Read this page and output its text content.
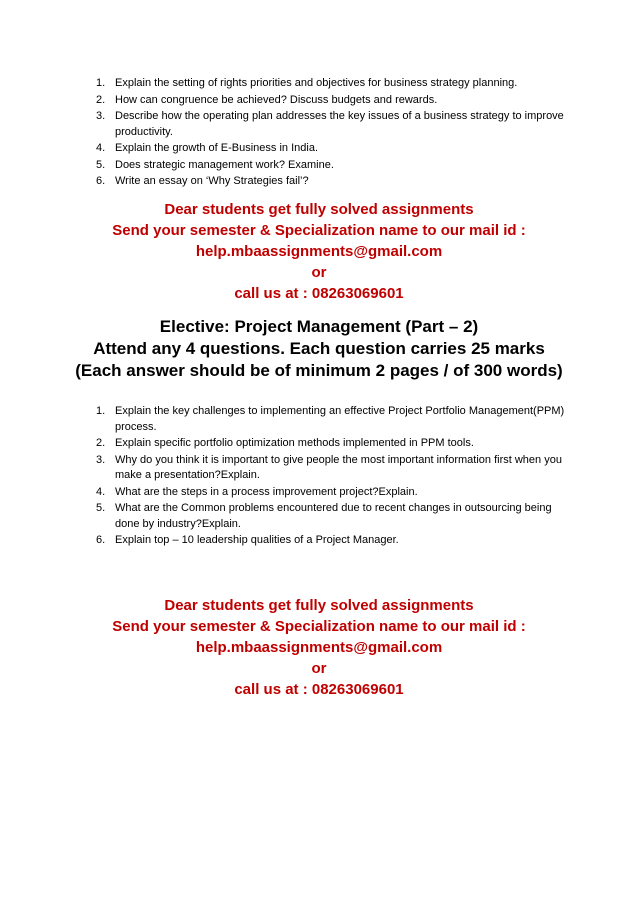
1. Explain the setting of rights priorities and objectives for business strategy planning.
2. How can congruence be achieved? Discuss budgets and rewards.
3. Describe how the operating plan addresses the key issues of a business strategy to improve productivity.
4. Explain the growth of E-Business in India.
5. Does strategic management work? Examine.
6. Write an essay on ‘Why Strategies fail’?
Dear students get fully solved assignments
Send your semester & Specialization name to our mail id :
help.mbaassignments@gmail.com
or
call us at : 08263069601
Elective: Project Management (Part – 2)
Attend any 4 questions. Each question carries 25 marks
(Each answer should be of minimum 2 pages / of 300 words)
1. Explain the key challenges to implementing an effective Project Portfolio Management(PPM) process.
2. Explain specific portfolio optimization methods implemented in PPM tools.
3. Why do you think it is important to give people the most important information first when you make a presentation?Explain.
4. What are the steps in a process improvement project?Explain.
5. What are the Common problems encountered due to recent changes in outsourcing being done by industry?Explain.
6. Explain top – 10 leadership qualities of a Project Manager.
Dear students get fully solved assignments
Send your semester & Specialization name to our mail id :
help.mbaassignments@gmail.com
or
call us at : 08263069601
